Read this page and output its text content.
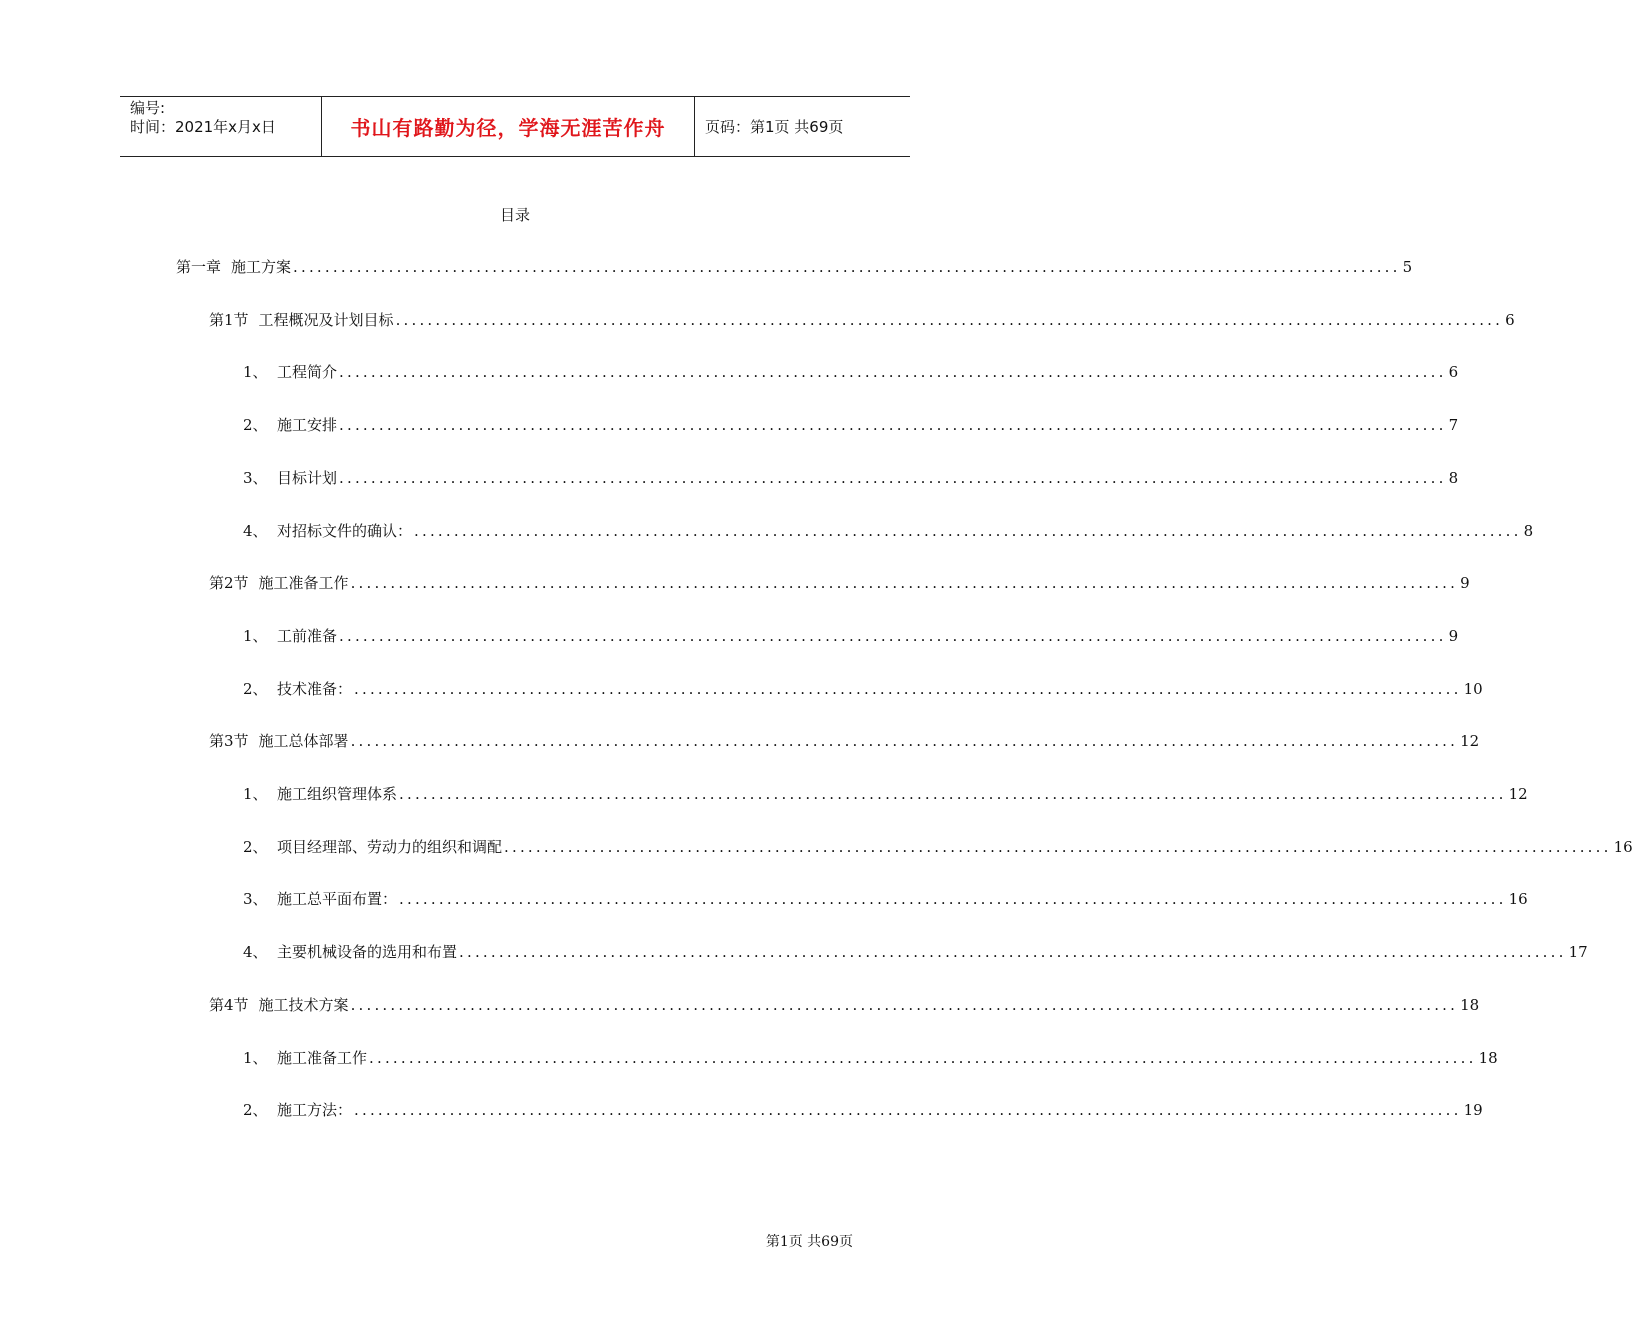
编号:
时间：2021年x月x日	书山有路勤为径，学海无涯苦作舟	页码：第1页 共69页
目录
第一章 施工方案 ........................................................................................................................................... 5
第1节 工程概况及计划目标 ........................................................................................................................................... 6
1、 工程简介 ........................................................................................................................................... 6
2、 施工安排 ........................................................................................................................................... 7
3、 目标计划 ........................................................................................................................................... 8
4、 对招标文件的确认： ........................................................................................................................................... 8
第2节 施工准备工作 ........................................................................................................................................... 9
1、 工前准备 ........................................................................................................................................... 9
2、 技术准备： ........................................................................................................................................... 10
第3节 施工总体部署 ........................................................................................................................................... 12
1、 施工组织管理体系 ........................................................................................................................................... 12
2、 项目经理部、劳动力的组织和调配 ........................................................................................................................................... 16
3、 施工总平面布置： ........................................................................................................................................... 16
4、 主要机械设备的选用和布置 ........................................................................................................................................... 17
第4节 施工技术方案 ........................................................................................................................................... 18
1、 施工准备工作 ........................................................................................................................................... 18
2、 施工方法： ........................................................................................................................................... 19
第1页 共69页
